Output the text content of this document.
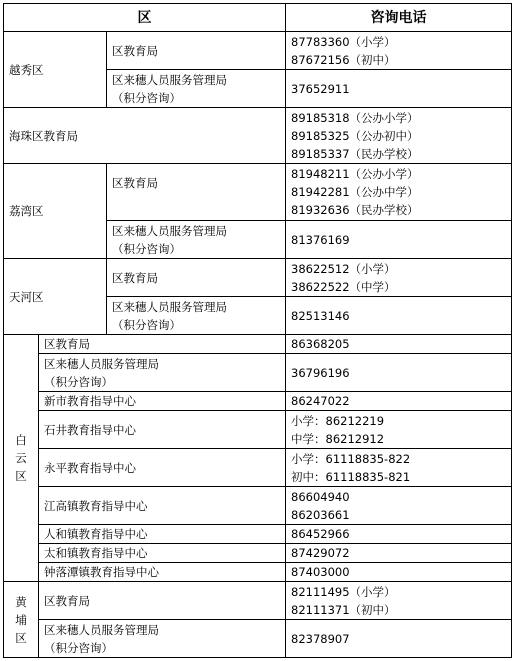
区			咨询电话
越秀区		区教育局	87783360（小学）
87672156（初中）
		区来穗人员服务管理局
（积分咨询）	37652911
海珠区教育局			89185318（公办小学）
89185325（公办初中）
89185337（民办学校）
荔湾区		区教育局	81948211（公办小学）
81942281（公办中学）
81932636（民办学校）
		区来穗人员服务管理局
（积分咨询）	81376169
天河区		区教育局	38622512（小学）
38622522（中学）
		区来穗人员服务管理局
（积分咨询）	82513146
白
云
区	区教育局		86368205
	区来穗人员服务管理局
（积分咨询）		36796196
	新市教育指导中心		86247022
	石井教育指导中心		小学：86212219
中学：86212912
	永平教育指导中心		小学：61118835-822
初中：61118835-821
	江高镇教育指导中心		86604940
86203661
	人和镇教育指导中心		86452966
	太和镇教育指导中心		87429072
	钟落潭镇教育指导中心		87403000
黄
埔
区	区教育局		82111495（小学）
82111371（初中）
	区来穗人员服务管理局
（积分咨询）		82378907
